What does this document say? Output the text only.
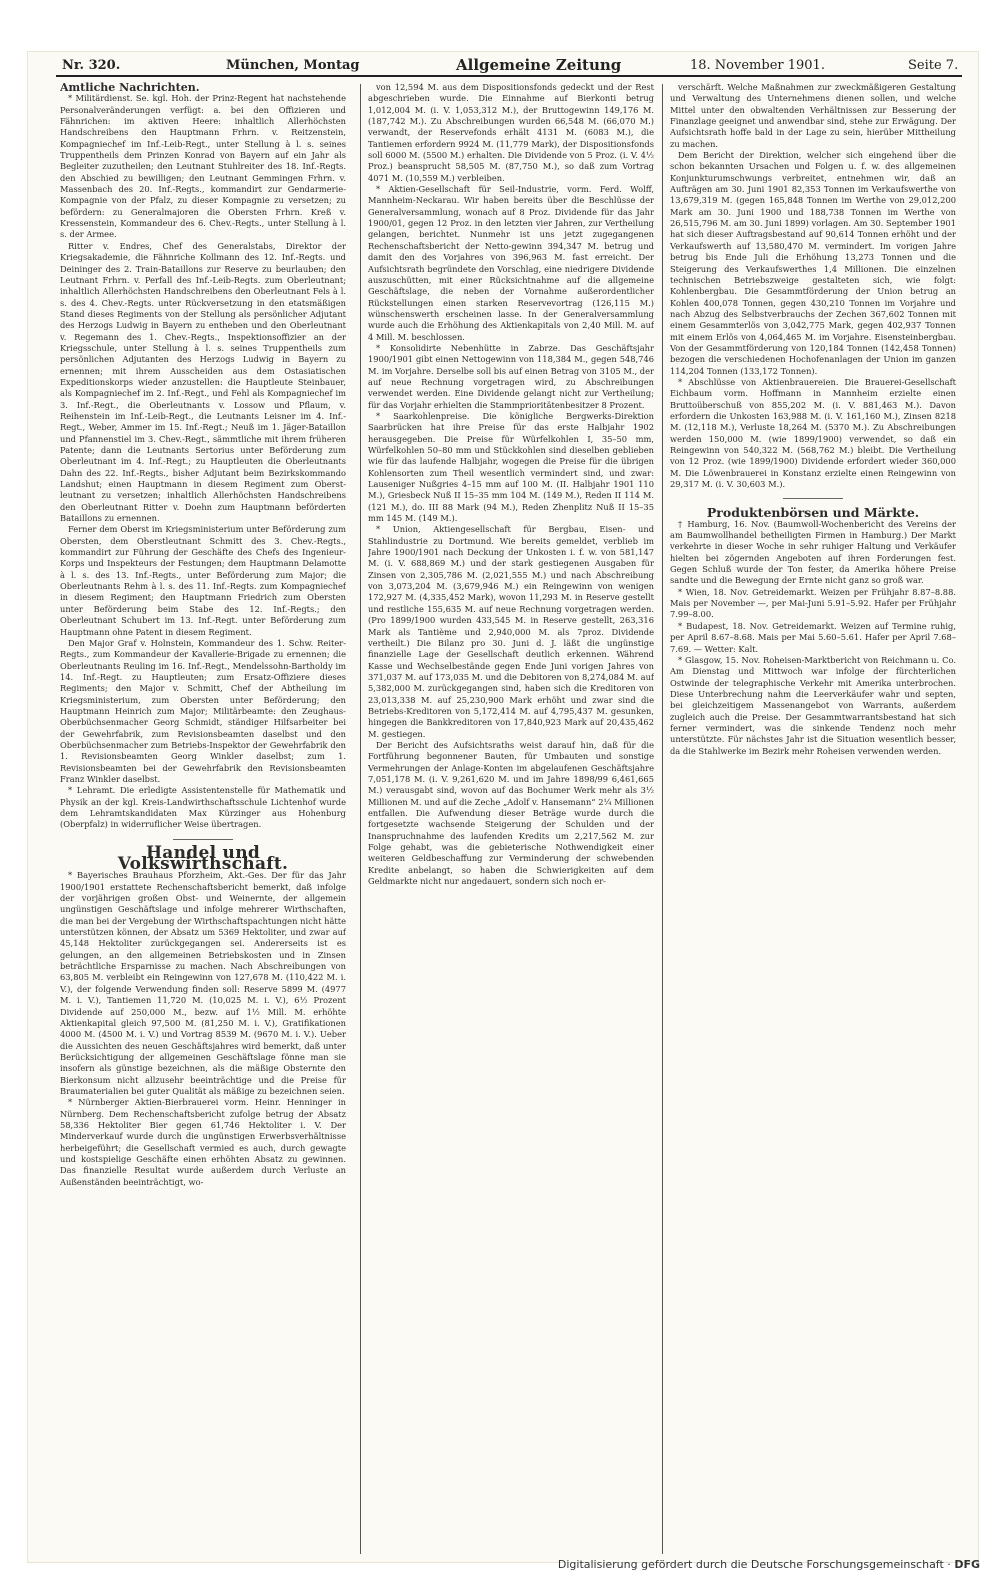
Nr. 320.	München, Montag	Allgemeine Zeitung	18. November 1901.	Seite 7.

Amtliche Nachrichten.

* Militärdienst. Se. kgl. Hoh. der Prinz-Regent hat nachstehende Personalveränderungen verfügt: a. bei den Offizieren und Fähnrichen: im aktiven Heere: inhaltlich Allerhöchsten Handschreibens den Hauptmann Frhrn. v. Reitzenstein, Kompagniechef im Inf.-Leib-Regt., unter Stellung à l. s. seines Truppentheils dem Prinzen Konrad von Bayern auf ein Jahr als Begleiter zuzutheilen; den Leutnant Stuhlreiter des 18. Inf.-Regts. den Abschied zu bewilligen; den Leutnant Gemmingen Frhrn. v. Massenbach des 20. Inf.-Regts., kommandirt zur Gendarmerie-Kompagnie von der Pfalz, zu dieser Kompagnie zu versetzen; zu befördern: zu Generalmajoren die Obersten Frhrn. Kreß v. Kressenstein, Kommandeur des 6. Chev.-Regts., unter Stellung à l. s. der Armee.

Ritter v. Endres, Chef des Generalstabs, Direktor der Kriegsakademie, die Fähnriche Kollmann des 12. Inf.-Regts. und Deininger des 2. Train-Bataillons zur Reserve zu beurlauben; den Leutnant Frhrn. v. Perfall des Inf.-Leib-Regts. zum Oberleutnant; inhaltlich Allerhöchsten Handschreibens den Oberleutnant Fels à l. s. des 4. Chev.-Regts. unter Rückversetzung in den etatsmäßigen Stand dieses Regiments von der Stellung als persönlicher Adjutant des Herzogs Ludwig in Bayern zu entheben und den Oberleutnant v. Regemann des 1. Chev.-Regts., Inspektionsoffizier an der Kriegsschule, unter Stellung à l. s. seines Truppentheils zum persönlichen Adjutanten des Herzogs Ludwig in Bayern zu ernennen; mit ihrem Ausscheiden aus dem Ostasiatischen Expeditionskorps wieder anzustellen: die Hauptleute Steinbauer, als Kompagniechef im 2. Inf.-Regt., und Fehl als Kompagniechef im 3. Inf.-Regt., die Oberleutnants v. Lossow und Pflaum, v. Reihenstein im Inf.-Leib-Regt., die Leutnants Leisner im 4. Inf.-Regt., Weber, Ammer im 15. Inf.-Regt.; Neuß im 1. Jäger-Bataillon und Pfannenstiel im 3. Chev.-Regt., sämmtliche mit ihrem früheren Patente; dann die Leutnants Sertorius unter Beförderung zum Oberleutnant im 4. Inf.-Regt.; zu Hauptleuten die Oberleutnants Dahn des 22. Inf.-Regts., bisher Adjutant beim Bezirkskommando Landshut; einen Hauptmann in diesem Regiment zum Oberst-leutnant zu versetzen; inhaltlich Allerhöchsten Handschreibens den Oberleutnant Ritter v. Doehn zum Hauptmann beförderten Bataillons zu ernennen.

Ferner dem Oberst im Kriegsministerium unter Beförderung zum Obersten, dem Oberstleutnant Schmitt des 3. Chev.-Regts., kommandirt zur Führung der Geschäfte des Chefs des Ingenieur-Korps und Inspekteurs der Festungen; dem Hauptmann Delamotte à l. s. des 13. Inf.-Regts., unter Beförderung zum Major; die Oberleutnants Rehm à l. s. des 11. Inf.-Regts. zum Kompagniechef in diesem Regiment; den Hauptmann Friedrich zum Obersten unter Beförderung beim Stabe des 12. Inf.-Regts.; den Oberleutnant Schubert im 13. Inf.-Regt. unter Beförderung zum Hauptmann ohne Patent in diesem Regiment.

Den Major Graf v. Holnstein, Kommandeur des 1. Schw. Reiter-Regts., zum Kommandeur der Kavallerie-Brigade zu ernennen; die Oberleutnants Reuling im 16. Inf.-Regt., Mendelssohn-Bartholdy im 14. Inf.-Regt. zu Hauptleuten; zum Ersatz-Offiziere dieses Regiments; den Major v. Schmitt, Chef der Abtheilung im Kriegsministerium, zum Obersten unter Beförderung; den Hauptmann Heinrich zum Major; Militärbeamte: den Zeughaus-Oberbüchsenmacher Georg Schmidt, ständiger Hilfsarbeiter bei der Gewehrfabrik, zum Revisionsbeamten daselbst und den Oberbüchsenmacher zum Betriebs-Inspektor der Gewehrfabrik den 1. Revisionsbeamten Georg Winkler daselbst; zum 1. Revisionsbeamten bei der Gewehrfabrik den Revisionsbeamten Franz Winkler daselbst.

* Lehramt. Die erledigte Assistentenstelle für Mathematik und Physik an der kgl. Kreis-Landwirthschaftsschule Lichtenhof wurde dem Lehramtskandidaten Max Kürzinger aus Hohenburg (Oberpfalz) in widerruflicher Weise übertragen.

Handel und Volkswirthschaft.

* Bayerisches Brauhaus Pforzheim, Akt.-Ges. Der für das Jahr 1900/1901 erstattete Rechenschaftsbericht bemerkt, daß infolge der vorjährigen großen Obst- und Weinernte, der allgemein ungünstigen Geschäftslage und infolge mehrerer Wirthschaften, die man bei der Vergebung der Wirthschaftspachtungen nicht hätte unterstützen können, der Absatz um 5369 Hektoliter, und zwar auf 45,148 Hektoliter zurückgegangen sei. Andererseits ist es gelungen, an den allgemeinen Betriebskosten und in Zinsen beträchtliche Ersparnisse zu machen. Nach Abschreibungen von 63,805 M. verbleibt ein Reingewinn von 127,678 M. (110,422 M. i. V.), der folgende Verwendung finden soll: Reserve 5899 M. (4977 M. i. V.), Tantiemen 11,720 M. (10,025 M. i. V.), 6½ Prozent Dividende auf 250,000 M., bezw. auf 1½ Mill. M. erhöhte Aktienkapital gleich 97,500 M. (81,250 M. i. V.), Gratifikationen 4000 M. (4500 M. i. V.) und Vortrag 8539 M. (9670 M. i. V.). Ueber die Aussichten des neuen Geschäftsjahres wird bemerkt, daß unter Berücksichtigung der allgemeinen Geschäftslage fönne man sie insofern als günstige bezeichnen, als die mäßige Obsternte den Bierkonsum nicht allzusehr beeinträchtige und die Preise für Braumaterialien bei guter Qualität als mäßige zu bezeichnen seien.

* Nürnberger Aktien-Bierbrauerei vorm. Heinr. Henninger in Nürnberg. Dem Rechenschaftsbericht zufolge betrug der Absatz 58,336 Hektoliter Bier gegen 61,746 Hektoliter i. V. Der Minderverkauf wurde durch die ungünstigen Erwerbsverhältnisse herbeigeführt; die Gesellschaft vermied es auch, durch gewagte und kostspielige Geschäfte einen erhöhten Absatz zu gewinnen. Das finanzielle Resultat wurde außerdem durch Verluste an Außenständen beeinträchtigt, wo-

von 12,594 M. aus dem Dispositionsfonds gedeckt und der Rest abgeschrieben wurde. Die Einnahme auf Bierkonti betrug 1,012,004 M. (i. V. 1,053,312 M.), der Bruttogewinn 149,176 M. (187,742 M.). Zu Abschreibungen wurden 66,548 M. (66,070 M.) verwandt, der Reservefonds erhält 4131 M. (6083 M.), die Tantiemen erfordern 9924 M. (11,779 Mark), der Dispositionsfonds soll 6000 M. (5500 M.) erhalten. Die Dividende von 5 Proz. (i. V. 4½ Proz.) beansprucht 58,505 M. (87,750 M.), so daß zum Vortrag 4071 M. (10,559 M.) verbleiben.

* Aktien-Gesellschaft für Seil-Industrie, vorm. Ferd. Wolff, Mannheim-Neckarau. Wir haben bereits über die Beschlüsse der Generalversammlung, wonach auf 8 Proz. Dividende für das Jahr 1900/01, gegen 12 Proz. in den letzten vier Jahren, zur Vertheilung gelangen, berichtet. Nunmehr ist uns jetzt zugegangenen Rechenschaftsbericht der Netto-gewinn 394,347 M. betrug und damit den des Vorjahres von 396,963 M. fast erreicht. Der Aufsichtsrath begründete den Vorschlag, eine niedrigere Dividende auszuschütten, mit einer Rücksichtnahme auf die allgemeine Geschäftslage, die neben der Vornahme außerordentlicher Rückstellungen einen starken Reservevortrag (126,115 M.) wünschenswerth erscheinen lasse. In der Generalversammlung wurde auch die Erhöhung des Aktienkapitals von 2,40 Mill. M. auf 4 Mill. M. beschlossen.

* Konsolidirte Nebenhütte in Zabrze. Das Geschäftsjahr 1900/1901 gibt einen Nettogewinn von 118,384 M., gegen 548,746 M. im Vorjahre. Derselbe soll bis auf einen Betrag von 3105 M., der auf neue Rechnung vorgetragen wird, zu Abschreibungen verwendet werden. Eine Dividende gelangt nicht zur Vertheilung; für das Vorjahr erhielten die Stammprioritätenbesitzer 8 Prozent.

* Saarkohlenpreise. Die königliche Bergwerks-Direktion Saarbrücken hat ihre Preise für das erste Halbjahr 1902 herausgegeben. Die Preise für Würfelkohlen I, 35–50 mm, Würfelkohlen 50–80 mm und Stückkohlen sind dieselben geblieben wie für das laufende Halbjahr, wogegen die Preise für die übrigen Kohlensorten zum Theil wesentlich vermindert sind, und zwar: Lauseniger Nußgries 4–15 mm auf 100 M. (II. Halbjahr 1901 110 M.), Griesbeck Nuß II 15–35 mm 104 M. (149 M.), Reden II 114 M. (121 M.), do. III 88 Mark (94 M.), Reden Zhenplitz Nuß II 15–35 mm 145 M. (149 M.).

* Union, Aktiengesellschaft für Bergbau, Eisen- und Stahlindustrie zu Dortmund. Wie bereits gemeldet, verblieb im Jahre 1900/1901 nach Deckung der Unkosten i. f. w. von 581,147 M. (i. V. 688,869 M.) und der stark gestiegenen Ausgaben für Zinsen von 2,305,786 M. (2,021,555 M.) und nach Abschreibung von 3,073,204 M. (3,679,946 M.) ein Reingewinn von wenigen 172,927 M. (4,335,452 Mark), wovon 11,293 M. in Reserve gestellt und restliche 155,635 M. auf neue Rechnung vorgetragen werden. (Pro 1899/1900 wurden 433,545 M. in Reserve gestellt, 263,316 Mark als Tantième und 2,940,000 M. als 7proz. Dividende vertheilt.) Die Bilanz pro 30. Juni d. J. läßt die ungünstige finanzielle Lage der Gesellschaft deutlich erkennen. Während Kasse und Wechselbestände gegen Ende Juni vorigen Jahres von 371,037 M. auf 173,035 M. und die Debitoren von 8,274,084 M. auf 5,382,000 M. zurückgegangen sind, haben sich die Kreditoren von 23,013,338 M. auf 25,230,900 Mark erhöht und zwar sind die Betriebs-Kreditoren von 5,172,414 M. auf 4,795,437 M. gesunken, hingegen die Bankkreditoren von 17,840,923 Mark auf 20,435,462 M. gestiegen.

Der Bericht des Aufsichtsraths weist darauf hin, daß für die Fortführung begonnener Bauten, für Umbauten und sonstige Vermehrungen der Anlage-Konten im abgelaufenen Geschäftsjahre 7,051,178 M. (i. V. 9,261,620 M. und im Jahre 1898/99 6,461,665 M.) verausgabt sind, wovon auf das Bochumer Werk mehr als 3½ Millionen M. und auf die Zeche „Adolf v. Hansemann“ 2¼ Millionen entfallen. Die Aufwendung dieser Beträge wurde durch die fortgesetzte wachsende Steigerung der Schulden und der Inanspruchnahme des laufenden Kredits um 2,217,562 M. zur Folge gehabt, was die gebieterische Nothwendigkeit einer weiteren Geldbeschaffung zur Verminderung der schwebenden Kredite anbelangt, so haben die Schwierigkeiten auf dem Geldmarkte nicht nur angedauert, sondern sich noch er-

verschärft. Welche Maßnahmen zur zweckmäßigeren Gestaltung und Verwaltung des Unternehmens dienen sollen, und welche Mittel unter den obwaltenden Verhältnissen zur Besserung der Finanzlage geeignet und anwendbar sind, stehe zur Erwägung. Der Aufsichtsrath hoffe bald in der Lage zu sein, hierüber Mittheilung zu machen.

Dem Bericht der Direktion, welcher sich eingehend über die schon bekannten Ursachen und Folgen u. f. w. des allgemeinen Konjunkturumschwungs verbreitet, entnehmen wir, daß an Aufträgen am 30. Juni 1901 82,353 Tonnen im Verkaufswerthe von 13,679,319 M. (gegen 165,848 Tonnen im Werthe von 29,012,200 Mark am 30. Juni 1900 und 188,738 Tonnen im Werthe von 26,515,796 M. am 30. Juni 1899) vorlagen. Am 30. September 1901 hat sich dieser Auftragsbestand auf 90,614 Tonnen erhöht und der Verkaufswerth auf 13,580,470 M. vermindert. Im vorigen Jahre betrug bis Ende Juli die Erhöhung 13,273 Tonnen und die Steigerung des Verkaufswerthes 1,4 Millionen. Die einzelnen technischen Betriebszweige gestalteten sich, wie folgt: Kohlenbergbau. Die Gesammtförderung der Union betrug an Kohlen 400,078 Tonnen, gegen 430,210 Tonnen im Vorjahre und nach Abzug des Selbstverbrauchs der Zechen 367,602 Tonnen mit einem Gesammterlös von 3,042,775 Mark, gegen 402,937 Tonnen mit einem Erlös von 4,064,465 M. im Vorjahre. Eisensteinbergbau. Von der Gesammtförderung von 120,184 Tonnen (142,458 Tonnen) bezogen die verschiedenen Hochofenanlagen der Union im ganzen 114,204 Tonnen (133,172 Tonnen).

* Abschlüsse von Aktienbrauereien. Die Brauerei-Gesellschaft Eichbaum vorm. Hoffmann in Mannheim erzielte einen Bruttoüberschuß von 855,202 M. (i. V. 881,463 M.). Davon erfordern die Unkosten 163,988 M. (i. V. 161,160 M.), Zinsen 8218 M. (12,118 M.), Verluste 18,264 M. (5370 M.). Zu Abschreibungen werden 150,000 M. (wie 1899/1900) verwendet, so daß ein Reingewinn von 540,322 M. (568,762 M.) bleibt. Die Vertheilung von 12 Proz. (wie 1899/1900) Dividende erfordert wieder 360,000 M. Die Löwenbrauerei in Konstanz erzielte einen Reingewinn von 29,317 M. (i. V. 30,603 M.).

Produktenbörsen und Märkte.

† Hamburg, 16. Nov. (Baumwoll-Wochenbericht des Vereins der am Baumwollhandel betheiligten Firmen in Hamburg.) Der Markt verkehrte in dieser Woche in sehr ruhiger Haltung und Verkäufer hielten bei zögernden Angeboten auf ihren Forderungen fest. Gegen Schluß wurde der Ton fester, da Amerika höhere Preise sandte und die Bewegung der Ernte nicht ganz so groß war.

* Wien, 18. Nov. Getreidemarkt. Weizen per Frühjahr 8.87–8.88. Mais per November —, per Mai-Juni 5.91–5.92. Hafer per Frühjahr 7.99–8.00.

* Budapest, 18. Nov. Getreidemarkt. Weizen auf Termine ruhig, per April 8.67–8.68. Mais per Mai 5.60–5.61. Hafer per April 7.68–7.69. — Wetter: Kalt.

* Glasgow, 15. Nov. Roheisen-Marktbericht von Reichmann u. Co. Am Dienstag und Mittwoch war infolge der fürchterlichen Ostwinde der telegraphische Verkehr mit Amerika unterbrochen. Diese Unterbrechung nahm die Leerverkäufer wahr und septen, bei gleichzeitigem Massenangebot von Warrants, außerdem zugleich auch die Preise. Der Gesammtwarrantsbestand hat sich ferner vermindert, was die sinkende Tendenz noch mehr unterstützte. Für nächstes Jahr ist die Situation wesentlich besser, da die Stahlwerke im Bezirk mehr Roheisen verwenden werden.

Digitalisierung gefördert durch die Deutsche Forschungsgemeinschaft · DFG
